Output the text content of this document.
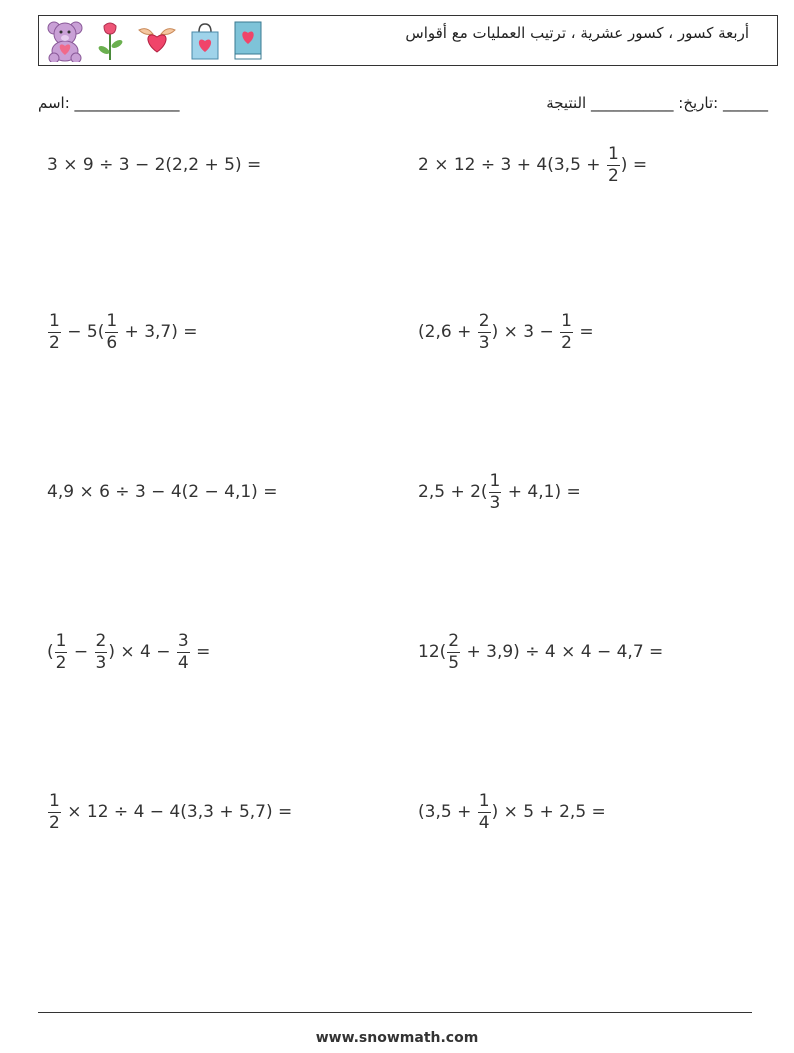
أربعة كسور ، كسور عشرية ، ترتيب العمليات مع أقواس
______________ :اسم	______ :تاريخ: ___________ النتيجة
3 × 9 ÷ 3 − 2(2,2 + 5) =	$2 \times 12 \div 3 + 4(3,5 + \frac{1}{2}$ ) =
$\frac{1}{2} - 5( \frac{1}{6} + 3,7)$ =	($2,6 + \frac{2}{3}$ ) × $3 - \frac{1}{2}$ =
4,9 × 6 ÷ 3 − 4(2 − 4,1) =	$2,5 + 2( \frac{1}{3} + 4,1)$ =
( $\frac{1}{2} - \frac{2}{3}$ ) × $4 - \frac{3}{4}$ =	$12( \frac{2}{5} + 3,9) \div 4 \times 4 - 4,7$ =
$\frac{1}{2} \times 12 \div 4 - 4(3,3 + 5,7)$ =	($3,5 + \frac{1}{4}$ ) × 5 + 2,5 =
www.snowmath.com
